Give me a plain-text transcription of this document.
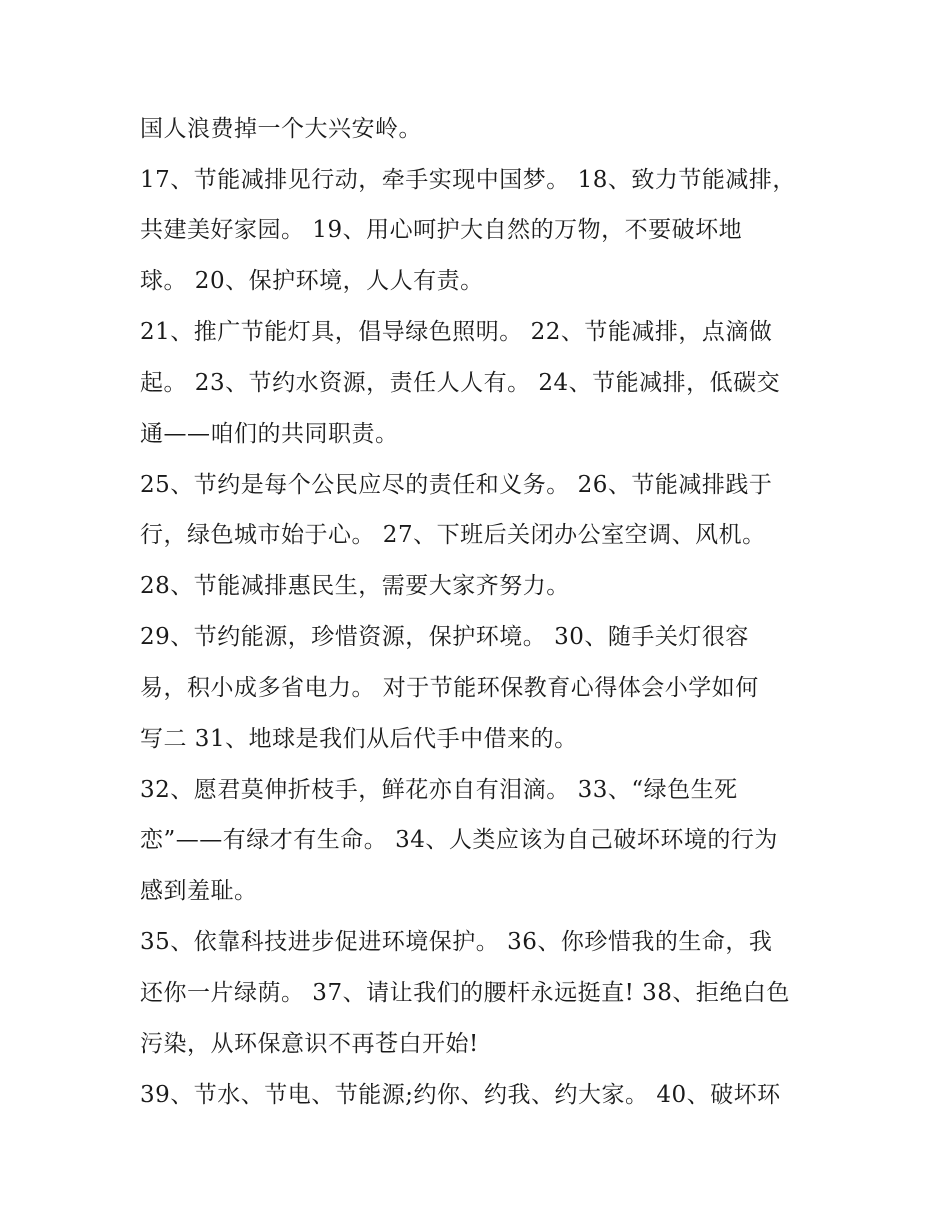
国人浪费掉一个大兴安岭。
17、节能减排见行动，牵手实现中国梦。 18、致力节能减排，
共建美好家园。 19、用心呵护大自然的万物，不要破坏地
球。 20、保护环境，人人有责。
21、推广节能灯具，倡导绿色照明。 22、节能减排，点滴做
起。 23、节约水资源，责任人人有。 24、节能减排，低碳交
通——咱们的共同职责。
25、节约是每个公民应尽的责任和义务。 26、节能减排践于
行，绿色城市始于心。 27、下班后关闭办公室空调、风机。
28、节能减排惠民生，需要大家齐努力。
29、节约能源，珍惜资源，保护环境。 30、随手关灯很容
易，积小成多省电力。 对于节能环保教育心得体会小学如何
写二 31、地球是我们从后代手中借来的。
32、愿君莫伸折枝手，鲜花亦自有泪滴。 33、“绿色生死
恋”——有绿才有生命。 34、人类应该为自己破坏环境的行为
感到羞耻。
35、依靠科技进步促进环境保护。 36、你珍惜我的生命，我
还你一片绿荫。 37、请让我们的腰杆永远挺直! 38、拒绝白色
污染，从环保意识不再苍白开始!
39、节水、节电、节能源;约你、约我、约大家。 40、破坏环
